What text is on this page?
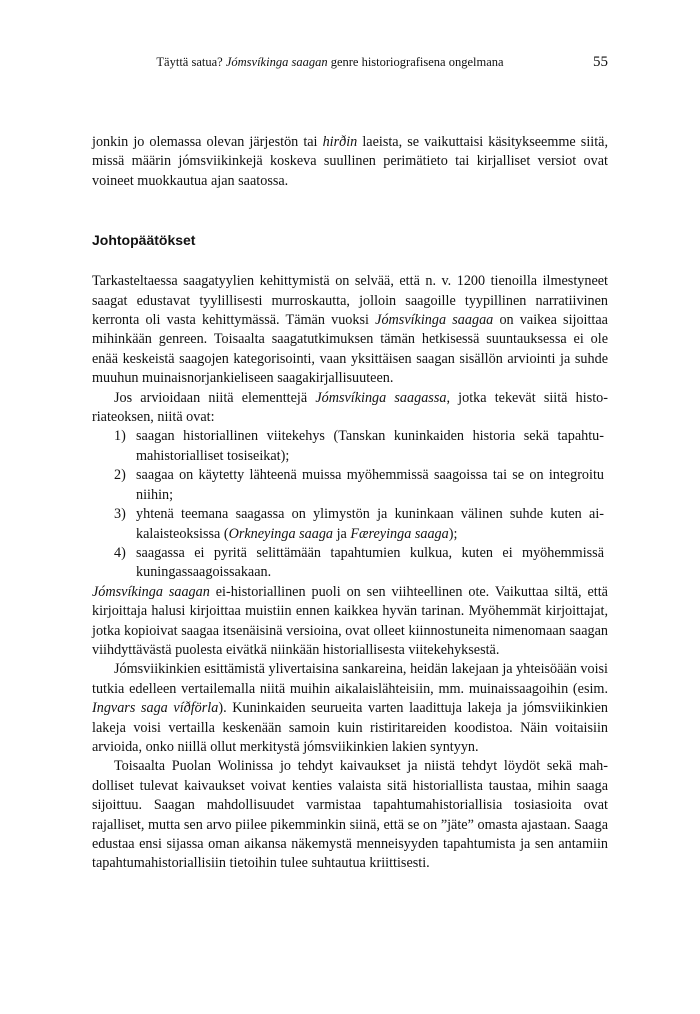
Täyttä satua? Jómsvíkinga saagan genre historiografisena ongelmana	55

jonkin jo olemassa olevan järjestön tai hirðin laeista, se vaikuttaisi käsitykseemme siitä, missä määrin jómsviikinkejä koskeva suullinen perimätieto tai kirjalliset versiot ovat voineet muokkautua ajan saatossa.

Johtopäätökset

Tarkasteltaessa saagatyylien kehittymistä on selvää, että n. v. 1200 tienoilla ilmestyneet saagat edustavat tyylillisesti murroskautta, jolloin saagoille tyypillinen narratiivinen kerronta oli vasta kehittymässä. Tämän vuoksi Jómsvíkinga saagaa on vaikea sijoittaa mihinkään genreen. Toisaalta saagatutkimuksen tämän hetkisessä suuntauksessa ei ole enää keskeistä saagojen kategorisointi, vaan yksittäisen saagan sisällön arviointi ja suhde muuhun muinaisnorjankieliseen saagakirjallisuuteen.

Jos arvioidaan niitä elementtejä Jómsvíkinga saagassa, jotka tekevät siitä historiateoksen, niitä ovat:

1) saagan historiallinen viitekehys (Tanskan kuninkaiden historia sekä tapahtumahistorialliset tosiseikat);
2) saagaa on käytetty lähteenä muissa myöhemmissä saagoissa tai se on integroitu niihin;
3) yhtenä teemana saagassa on ylimystön ja kuninkaan välinen suhde kuten aikalaisteoksissa (Orkneyinga saaga ja Færeyinga saaga);
4) saagassa ei pyritä selittämään tapahtumien kulkua, kuten ei myöhemmissä kuningassaagoissakaan.

Jómsvíkinga saagan ei-historiallinen puoli on sen viihteellinen ote. Vaikuttaa siltä, että kirjoittaja halusi kirjoittaa muistiin ennen kaikkea hyvän tarinan. Myöhemmät kirjoittajat, jotka kopioivat saagaa itsenäisinä versioina, ovat olleet kiinnostuneita nimenomaan saagan viihdyttävästä puolesta eivätkä niinkään historiallisesta viitekehyksestä.

Jómsviikinkien esittämistä ylivertaisina sankareina, heidän lakejaan ja yhteisöään voisi tutkia edelleen vertailemalla niitä muihin aikalaislähteisiin, mm. muinaissaagoihin (esim. Ingvars saga víðförla). Kuninkaiden seurueita varten laadittuja lakeja ja jómsviikinkien lakeja voisi vertailla keskenään samoin kuin ristiritareiden koodistoa. Näin voitaisiin arvioida, onko niillä ollut merkitystä jómsviikinkien lakien syntyyn.

Toisaalta Puolan Wolinissa jo tehdyt kaivaukset ja niistä tehdyt löydöt sekä mahdolliset tulevat kaivaukset voivat kenties valaista sitä historiallista taustaa, mihin saaga sijoittuu. Saagan mahdollisuudet varmistaa tapahtumahistoriallisia tosiasioita ovat rajalliset, mutta sen arvo piilee pikemminkin siinä, että se on ”jäte” omasta ajastaan. Saaga edustaa ensi sijassa oman aikansa näkemystä menneisyyden tapahtumista ja sen antamiin tapahtumahistoriallisiin tietoihin tulee suhtautua kriittisesti.
